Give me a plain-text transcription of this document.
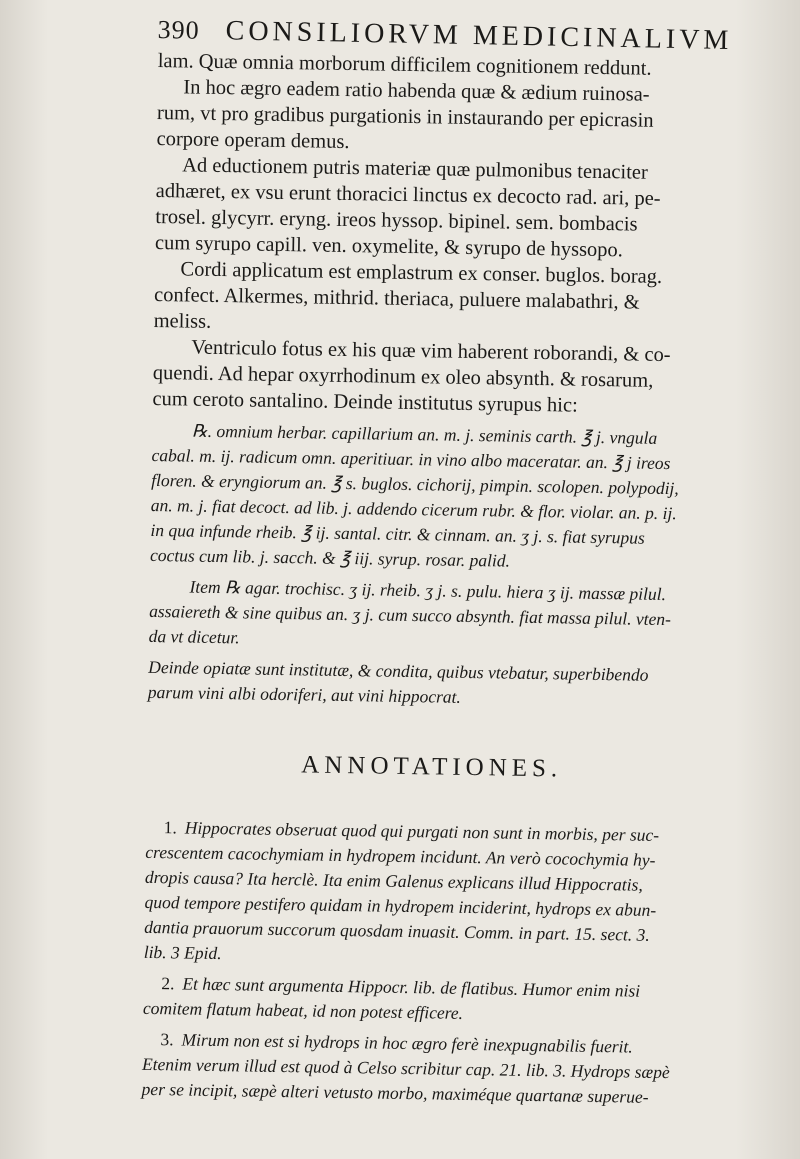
390 CONSILIORVM MEDICINALIVM
lam. Quæ omnia morborum difficilem cognitionem reddunt.
In hoc ægro eadem ratio habenda quæ & ædium ruinosa-
rum, vt pro gradibus purgationis in instaurando per epicrasin
corpore operam demus.
Ad eductionem putris materiæ quæ pulmonibus tenaciter
adhæret, ex vsu erunt thoracici linctus ex decocto rad. ari, pe-
trosel. glycyrr. eryng. ireos hyssop. bipinel. sem. bombacis
cum syrupo capill. ven. oxymelite, & syrupo de hyssopo.
Cordi applicatum est emplastrum ex conser. buglos. borag.
confect. Alkermes, mithrid. theriaca, puluere malabathri, &
meliss.
Ventriculo fotus ex his quæ vim haberent roborandi, & co-
quendi. Ad hepar oxyrrhodinum ex oleo absynth. & rosarum,
cum ceroto santalino. Deinde institutus syrupus hic:
℞. omnium herbar. capillarium an. m. j. seminis carth. ℥ j. vngula
cabal. m. ij. radicum omn. aperitiuar. in vino albo maceratar. an. ℥ j ireos
floren. & eryngiorum an. ℥ s. buglos. cichorij, pimpin. scolopen. polypodij,
an. m. j. fiat decoct. ad lib. j. addendo cicerum rubr. & flor. violar. an. p. ij.
in qua infunde rheib. ℥ ij. santal. citr. & cinnam. an. ʒ j. s. fiat syrupus
coctus cum lib. j. sacch. & ℥ iij. syrup. rosar. palid.
Item ℞ agar. trochisc. ʒ ij. rheib. ʒ j. s. pulu. hiera ʒ ij. massæ pilul.
assaiereth & sine quibus an. ʒ j. cum succo absynth. fiat massa pilul. vten-
da vt dicetur.
Deinde opiatæ sunt institutæ, & condita, quibus vtebatur, superbibendo
parum vini albi odoriferi, aut vini hippocrat.
ANNOTATIONES.
1. Hippocrates obseruat quod qui purgati non sunt in morbis, per suc-
crescentem cacochymiam in hydropem incidunt. An verò cocochymia hy-
dropis causa? Ita herclè. Ita enim Galenus explicans illud Hippocratis,
quod tempore pestifero quidam in hydropem inciderint, hydrops ex abun-
dantia prauorum succorum quosdam inuasit. Comm. in part. 15. sect. 3.
lib. 3 Epid.
2. Et hæc sunt argumenta Hippocr. lib. de flatibus. Humor enim nisi
comitem flatum habeat, id non potest efficere.
3. Mirum non est si hydrops in hoc ægro ferè inexpugnabilis fuerit.
Etenim verum illud est quod à Celso scribitur cap. 21. lib. 3. Hydrops sæpè
per se incipit, sæpè alteri vetusto morbo, maximéque quartanæ superue-
